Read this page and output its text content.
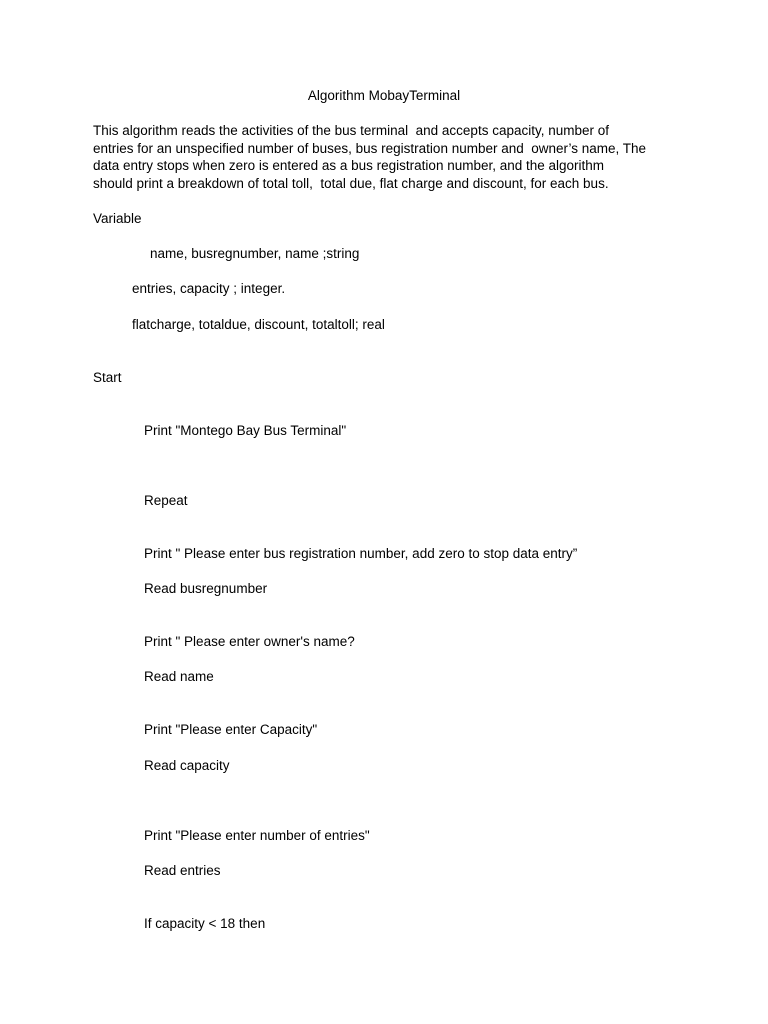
Algorithm MobayTerminal
This algorithm reads the activities of the bus terminal  and accepts capacity, number of
entries for an unspecified number of buses, bus registration number and  owner’s name, The
data entry stops when zero is entered as a bus registration number, and the algorithm
should print a breakdown of total toll,  total due, flat charge and discount, for each bus.
Variable
name, busregnumber, name ;string
entries, capacity ; integer.
flatcharge, totaldue, discount, totaltoll; real
Start
Print "Montego Bay Bus Terminal"
Repeat
Print " Please enter bus registration number, add zero to stop data entry”
Read busregnumber
Print " Please enter owner's name?
Read name
Print "Please enter Capacity"
Read capacity
Print "Please enter number of entries"
Read entries
If capacity < 18 then
